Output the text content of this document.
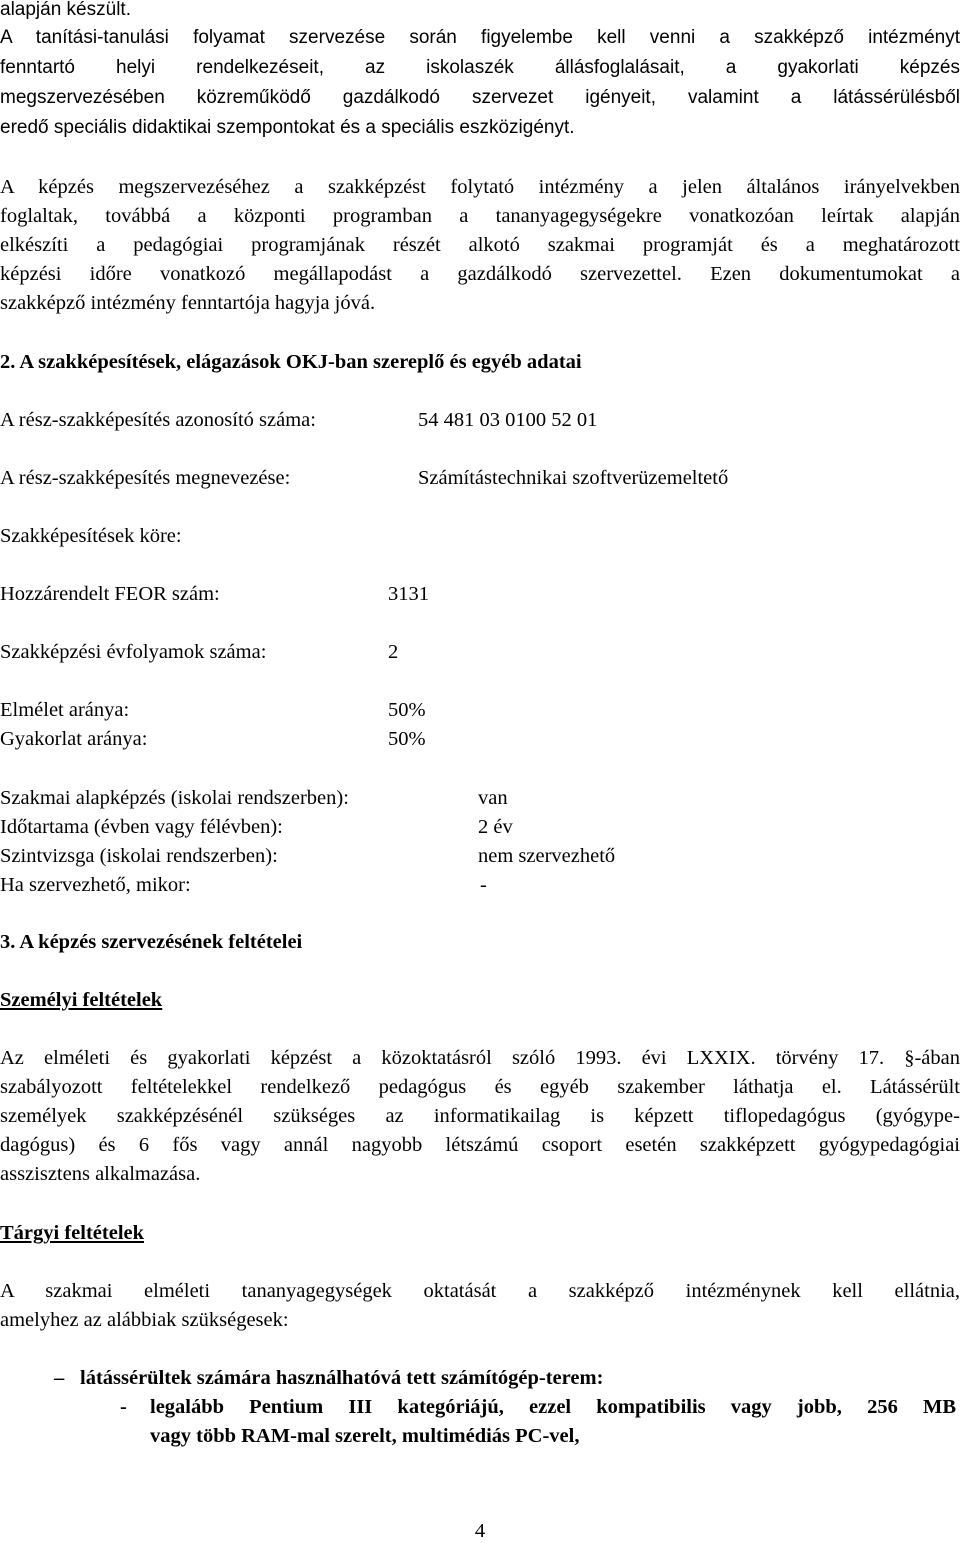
alapján készült.
A tanítási-tanulási folyamat szervezése során figyelembe kell venni a szakképző intézményt
fenntartó helyi rendelkezéseit, az iskolaszék állásfoglalásait, a gyakorlati képzés
megszervezésében közreműködő gazdálkodó szervezet igényeit, valamint a látássérülésből
eredő speciális didaktikai szempontokat és a speciális eszközigényt.
A képzés megszervezéséhez a szakképzést folytató intézmény a jelen általános irányelvekben
foglaltak, továbbá a központi programban a tananyagegységekre vonatkozóan leírtak alapján
elkészíti a pedagógiai programjának részét alkotó szakmai programját és a meghatározott
képzési időre vonatkozó megállapodást a gazdálkodó szervezettel. Ezen dokumentumokat a
szakképző intézmény fenntartója hagyja jóvá.
2. A szakképesítések, elágazások OKJ-ban szereplő és egyéb adatai
A rész-szakképesítés azonosító száma:	54 481 03 0100 52 01
A rész-szakképesítés megnevezése:	Számítástechnikai szoftverüzemeltető
Szakképesítések köre:
Hozzárendelt FEOR szám:	3131
Szakképzési évfolyamok száma:	2
Elmélet aránya:	50%
Gyakorlat aránya:	50%
Szakmai alapképzés (iskolai rendszerben):	van
Időtartama (évben vagy félévben):	2 év
Szintvizsga (iskolai rendszerben):	nem szervezhető
Ha szervezhető, mikor:	-
3. A képzés szervezésének feltételei
Személyi feltételek
Az elméleti és gyakorlati képzést a közoktatásról szóló 1993. évi LXXIX. törvény 17. §-ában
szabályozott feltételekkel rendelkező pedagógus és egyéb szakember láthatja el. Látássérült
személyek szakképzésénél szükséges az informatikailag is képzett tiflopedagógus (gyógype-
dagógus) és 6 fős vagy annál nagyobb létszámú csoport esetén szakképzett gyógypedagógiai
asszisztens alkalmazása.
Tárgyi feltételek
A szakmai elméleti tananyagegységek oktatását a szakképző intézménynek kell ellátnia,
amelyhez az alábbiak szükségesek:
– látássérültek számára használhatóvá tett számítógép-terem:
- legalább Pentium III kategóriájú, ezzel kompatibilis vagy jobb, 256 MB
vagy több RAM-mal szerelt, multimédiás PC-vel,
4
